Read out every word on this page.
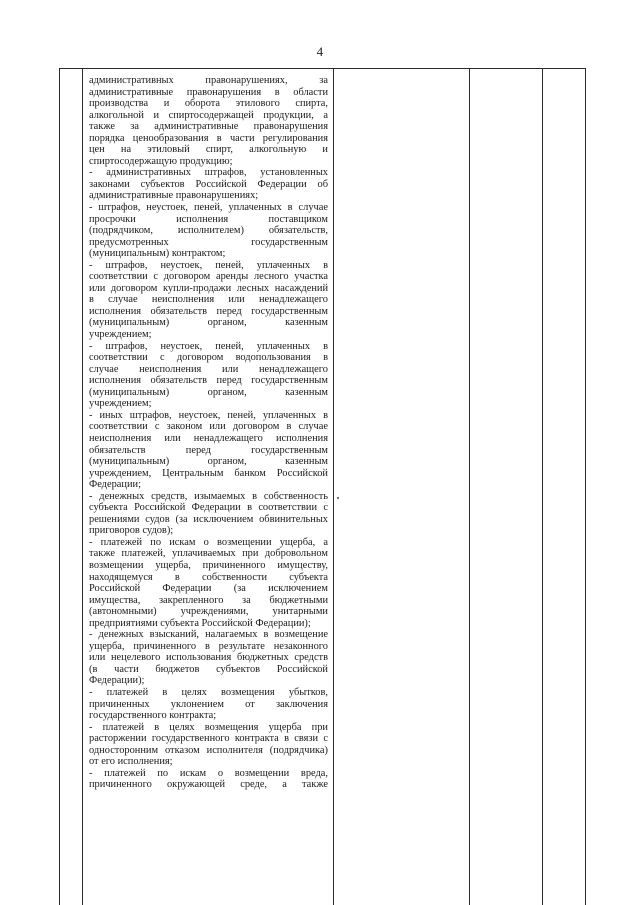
4
административных правонарушениях, за
административные правонарушения в области
производства и оборота этилового спирта,
алкогольной и спиртосодержащей продукции, а
также за административные правонарушения
порядка ценообразования в части регулирования
цен на этиловый спирт, алкогольную и
спиртосодержащую продукцию;
- административных штрафов, установленных
законами субъектов Российской Федерации об
административные правонарушениях;
- штрафов, неустоек, пеней, уплаченных в случае
просрочки исполнения поставщиком
(подрядчиком, исполнителем) обязательств,
предусмотренных государственным
(муниципальным) контрактом;
- штрафов, неустоек, пеней, уплаченных в
соответствии с договором аренды лесного участка
или договором купли-продажи лесных насаждений
в случае неисполнения или ненадлежащего
исполнения обязательств перед государственным
(муниципальным) органом, казенным
учреждением;
- штрафов, неустоек, пеней, уплаченных в
соответствии с договором водопользования в
случае неисполнения или ненадлежащего
исполнения обязательств перед государственным
(муниципальным) органом, казенным
учреждением;
- иных штрафов, неустоек, пеней, уплаченных в
соответствии с законом или договором в случае
неисполнения или ненадлежащего исполнения
обязательств перед государственным
(муниципальным) органом, казенным
учреждением, Центральным банком Российской
Федерации;
- денежных средств, изымаемых в собственность
субъекта Российской Федерации в соответствии с
решениями судов (за исключением обвинительных
приговоров судов);
- платежей по искам о возмещении ущерба, а
также платежей, уплачиваемых при добровольном
возмещении ущерба, причиненного имуществу,
находящемуся в собственности субъекта
Российской Федерации (за исключением
имущества, закрепленного за бюджетными
(автономными) учреждениями, унитарными
предприятиями субъекта Российской Федерации);
- денежных взысканий, налагаемых в возмещение
ущерба, причиненного в результате незаконного
или нецелевого использования бюджетных средств
(в части бюджетов субъектов Российской
Федерации);
- платежей в целях возмещения убытков,
причиненных уклонением от заключения
государственного контракта;
- платежей в целях возмещения ущерба при
расторжении государственного контракта в связи с
односторонним отказом исполнителя (подрядчика)
от его исполнения;
- платежей по искам о возмещении вреда,
причиненного окружающей среде, а также
